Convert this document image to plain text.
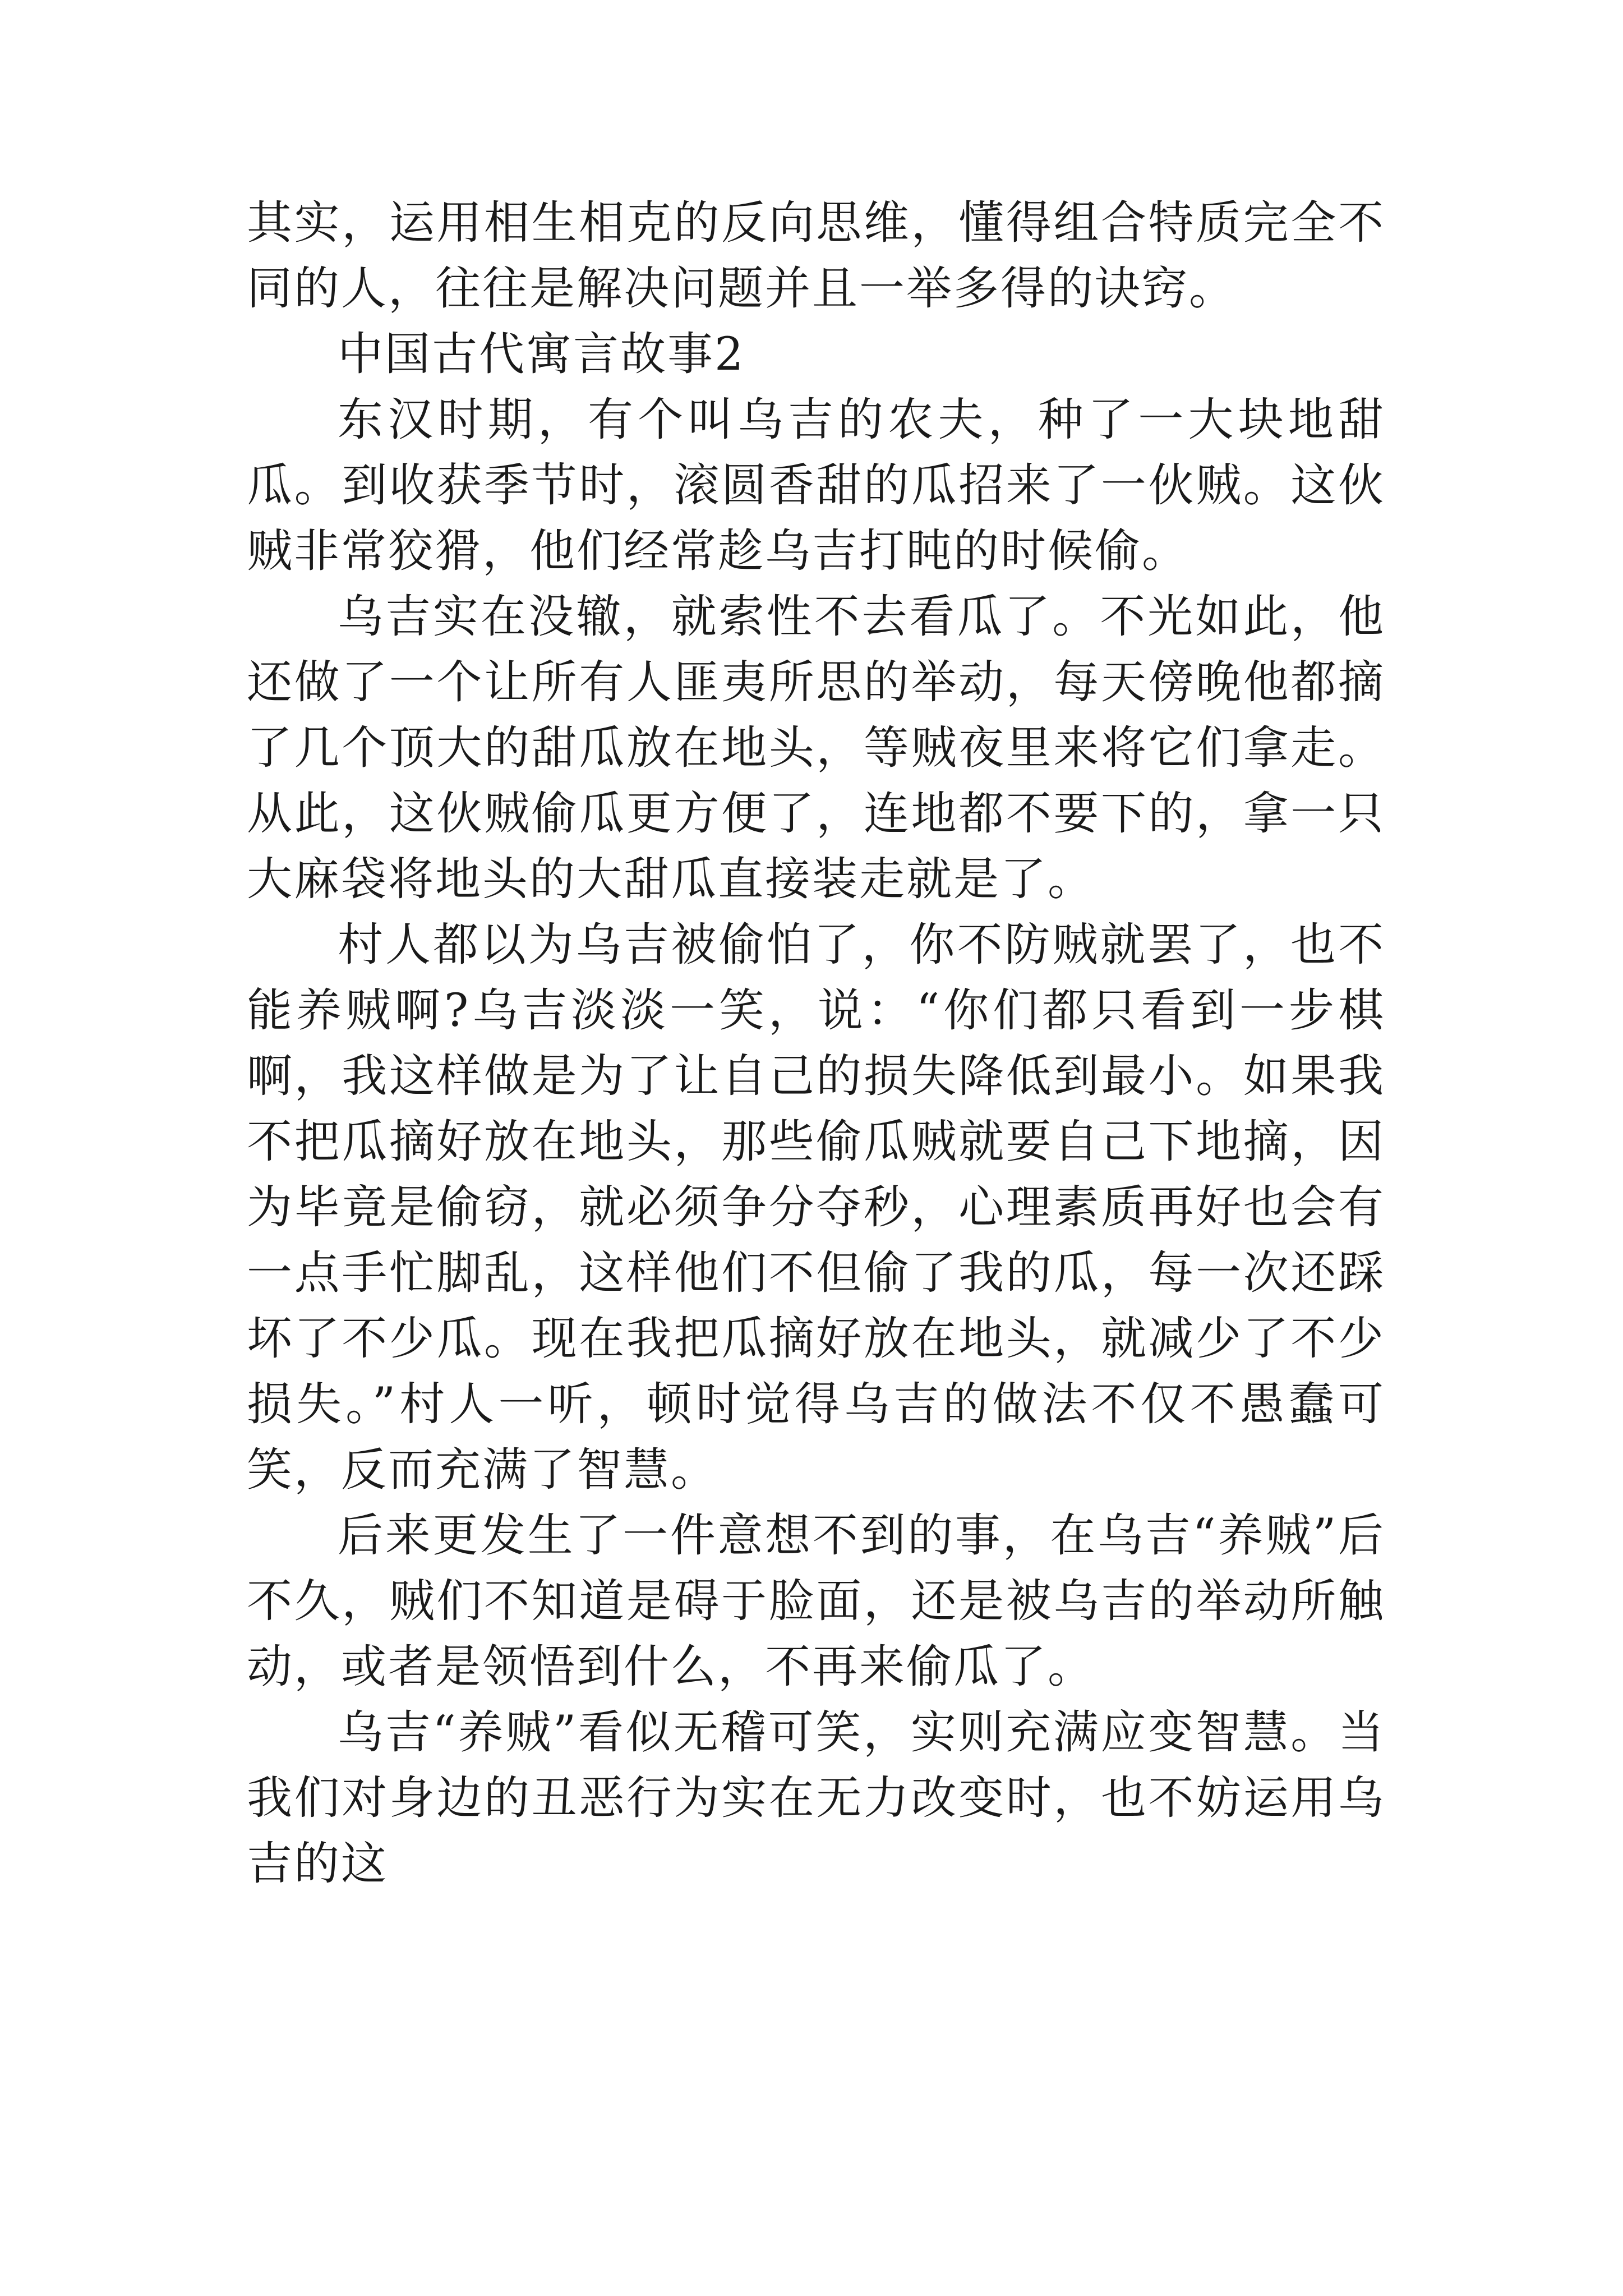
其实，运用相生相克的反向思维，懂得组合特质完全不同的人，往往是解决问题并且一举多得的诀窍。

中国古代寓言故事2

东汉时期，有个叫乌吉的农夫，种了一大块地甜瓜。到收获季节时，滚圆香甜的瓜招来了一伙贼。这伙贼非常狡猾，他们经常趁乌吉打盹的时候偷。

乌吉实在没辙，就索性不去看瓜了。不光如此，他还做了一个让所有人匪夷所思的举动，每天傍晚他都摘了几个顶大的甜瓜放在地头，等贼夜里来将它们拿走。从此，这伙贼偷瓜更方便了，连地都不要下的，拿一只大麻袋将地头的大甜瓜直接装走就是了。

村人都以为乌吉被偷怕了，你不防贼就罢了，也不能养贼啊?乌吉淡淡一笑，说：“你们都只看到一步棋啊，我这样做是为了让自己的损失降低到最小。如果我不把瓜摘好放在地头，那些偷瓜贼就要自己下地摘，因为毕竟是偷窃，就必须争分夺秒，心理素质再好也会有一点手忙脚乱，这样他们不但偷了我的瓜，每一次还踩坏了不少瓜。现在我把瓜摘好放在地头，就减少了不少损失。”村人一听，顿时觉得乌吉的做法不仅不愚蠢可笑，反而充满了智慧。

后来更发生了一件意想不到的事，在乌吉“养贼”后不久，贼们不知道是碍于脸面，还是被乌吉的举动所触动，或者是领悟到什么，不再来偷瓜了。

乌吉“养贼”看似无稽可笑，实则充满应变智慧。当我们对身边的丑恶行为实在无力改变时，也不妨运用乌吉的这
